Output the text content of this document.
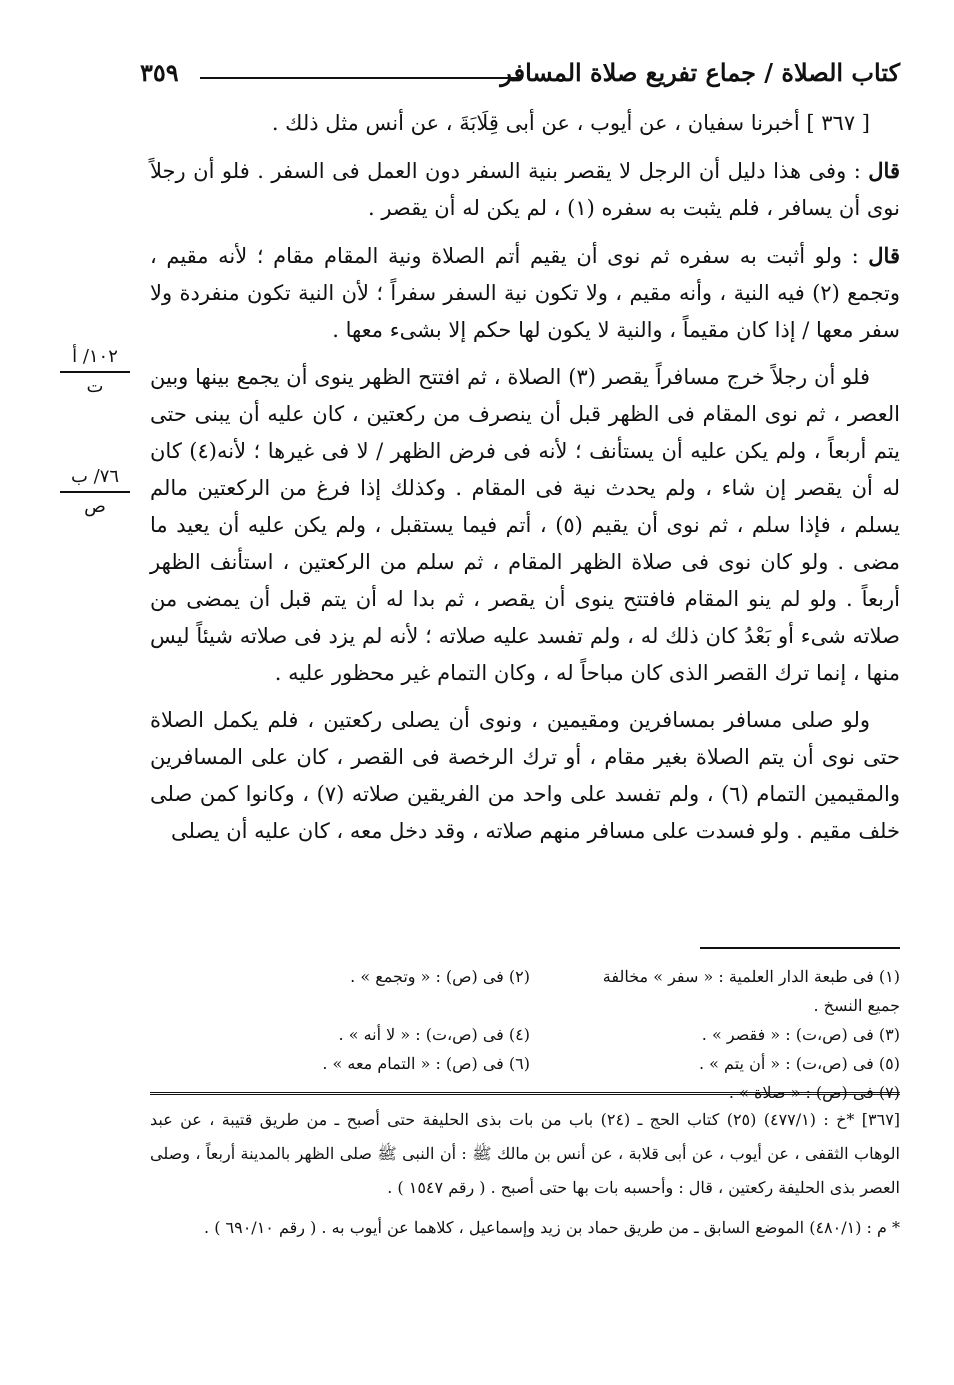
كتاب الصلاة / جماع تفريع صلاة المسافر
٣٥٩
١٠٢/ أ
ت
٧٦/ ب
ص

[ ٣٦٧ ] أخبرنا سفيان ، عن أيوب ، عن أبى قِلَابَةَ ، عن أنس مثل ذلك .

قال : وفى هذا دليل أن الرجل لا يقصر بنية السفر دون العمل فى السفر . فلو أن رجلاً نوى أن يسافر ، فلم يثبت به سفره (١) ، لم يكن له أن يقصر .

قال : ولو أثبت به سفره ثم نوى أن يقيم أتم الصلاة ونية المقام مقام ؛ لأنه مقيم ، وتجمع (٢) فيه النية ، وأنه مقيم ، ولا تكون نية السفر سفراً ؛ لأن النية تكون منفردة ولا سفر معها / إذا كان مقيماً ، والنية لا يكون لها حكم إلا بشىء معها .

فلو أن رجلاً خرج مسافراً يقصر (٣) الصلاة ، ثم افتتح الظهر ينوى أن يجمع بينها وبين العصر ، ثم نوى المقام فى الظهر قبل أن ينصرف من ركعتين ، كان عليه أن يبنى حتى يتم أربعاً ، ولم يكن عليه أن يستأنف ؛ لأنه فى فرض الظهر / لا فى غيرها ؛ لأنه(٤) كان له أن يقصر إن شاء ، ولم يحدث نية فى المقام . وكذلك إذا فرغ من الركعتين مالم يسلم ، فإذا سلم ، ثم نوى أن يقيم (٥) ، أتم فيما يستقبل ، ولم يكن عليه أن يعيد ما مضى . ولو كان نوى فى صلاة الظهر المقام ، ثم سلم من الركعتين ، استأنف الظهر أربعاً . ولو لم ينو المقام فافتتح ينوى أن يقصر ، ثم بدا له أن يتم قبل أن يمضى من صلاته شىء أو بَعْدُ كان ذلك له ، ولم تفسد عليه صلاته ؛ لأنه لم يزد فى صلاته شيئاً ليس منها ، إنما ترك القصر الذى كان مباحاً له ، وكان التمام غير محظور عليه .

ولو صلى مسافر بمسافرين ومقيمين ، ونوى أن يصلى ركعتين ، فلم يكمل الصلاة حتى نوى أن يتم الصلاة بغير مقام ، أو ترك الرخصة فى القصر ، كان على المسافرين والمقيمين التمام (٦) ، ولم تفسد على واحد من الفريقين صلاته (٧) ، وكانوا كمن صلى خلف مقيم . ولو فسدت على مسافر منهم صلاته ، وقد دخل معه ، كان عليه أن يصلى

(١) فى طبعة الدار العلمية : « سفر » مخالفة جميع النسخ .
(٢) فى (ص) : « وتجمع » .
(٣) فى (ص،ت) : « فقصر » .
(٤) فى (ص،ت) : « لا أنه » .
(٥) فى (ص،ت) : « أن يتم » .
(٦) فى (ص) : « التمام معه » .
(٧) فى (ص) : « صلاة » .

[٣٦٧] *خ : (٤٧٧/١) (٢٥) كتاب الحج ـ (٢٤) باب من بات بذى الحليفة حتى أصبح ـ من طريق قتيبة ، عن عبد الوهاب الثقفى ، عن أيوب ، عن أبى قلابة ، عن أنس بن مالك ﷺ : أن النبى ﷺ صلى الظهر بالمدينة أربعاً ، وصلى العصر بذى الحليفة ركعتين ، قال : وأحسبه بات بها حتى أصبح . ( رقم ١٥٤٧ ) .

* م : (٤٨٠/١) الموضع السابق ـ من طريق حماد بن زيد وإسماعيل ، كلاهما عن أيوب به . ( رقم ٦٩٠/١٠ ) .
